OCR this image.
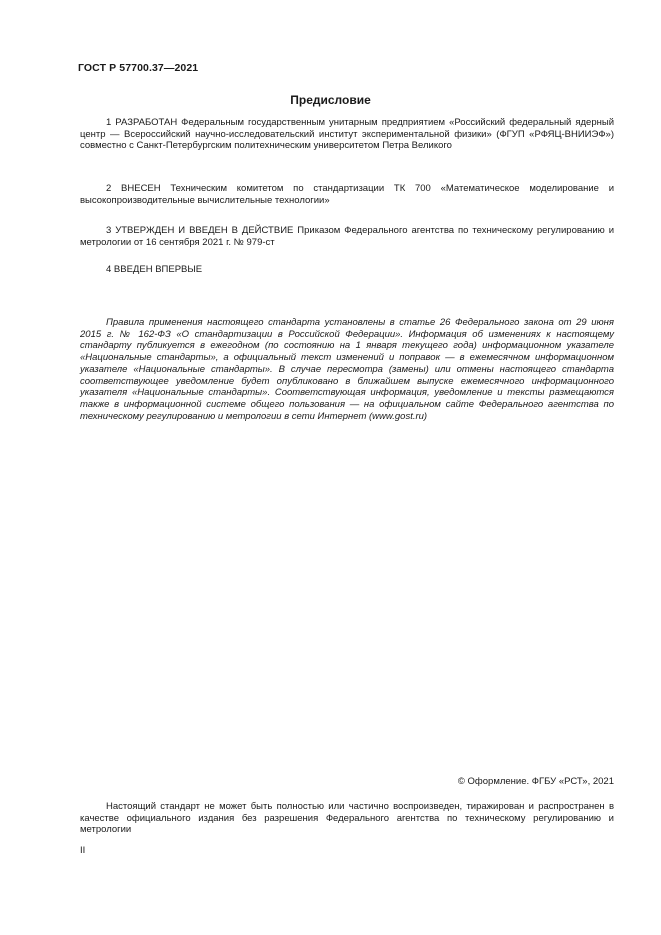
ГОСТ Р 57700.37—2021
Предисловие
1 РАЗРАБОТАН Федеральным государственным унитарным предприятием «Российский федеральный ядерный центр — Всероссийский научно-исследовательский институт экспериментальной физики» (ФГУП «РФЯЦ-ВНИИЭФ») совместно с Санкт-Петербургским политехническим университетом Петра Великого
2 ВНЕСЕН Техническим комитетом по стандартизации ТК 700 «Математическое моделирование и высокопроизводительные вычислительные технологии»
3 УТВЕРЖДЕН И ВВЕДЕН В ДЕЙСТВИЕ Приказом Федерального агентства по техническому регулированию и метрологии от 16 сентября 2021 г. № 979-ст
4 ВВЕДЕН ВПЕРВЫЕ
Правила применения настоящего стандарта установлены в статье 26 Федерального закона от 29 июня 2015 г. № 162-ФЗ «О стандартизации в Российской Федерации». Информация об изменениях к настоящему стандарту публикуется в ежегодном (по состоянию на 1 января текущего года) информационном указателе «Национальные стандарты», а официальный текст изменений и поправок — в ежемесячном информационном указателе «Национальные стандарты». В случае пересмотра (замены) или отмены настоящего стандарта соответствующее уведомление будет опубликовано в ближайшем выпуске ежемесячного информационного указателя «Национальные стандарты». Соответствующая информация, уведомление и тексты размещаются также в информационной системе общего пользования — на официальном сайте Федерального агентства по техническому регулированию и метрологии в сети Интернет (www.gost.ru)
© Оформление. ФГБУ «РСТ», 2021
Настоящий стандарт не может быть полностью или частично воспроизведен, тиражирован и распространен в качестве официального издания без разрешения Федерального агентства по техническому регулированию и метрологии
II
